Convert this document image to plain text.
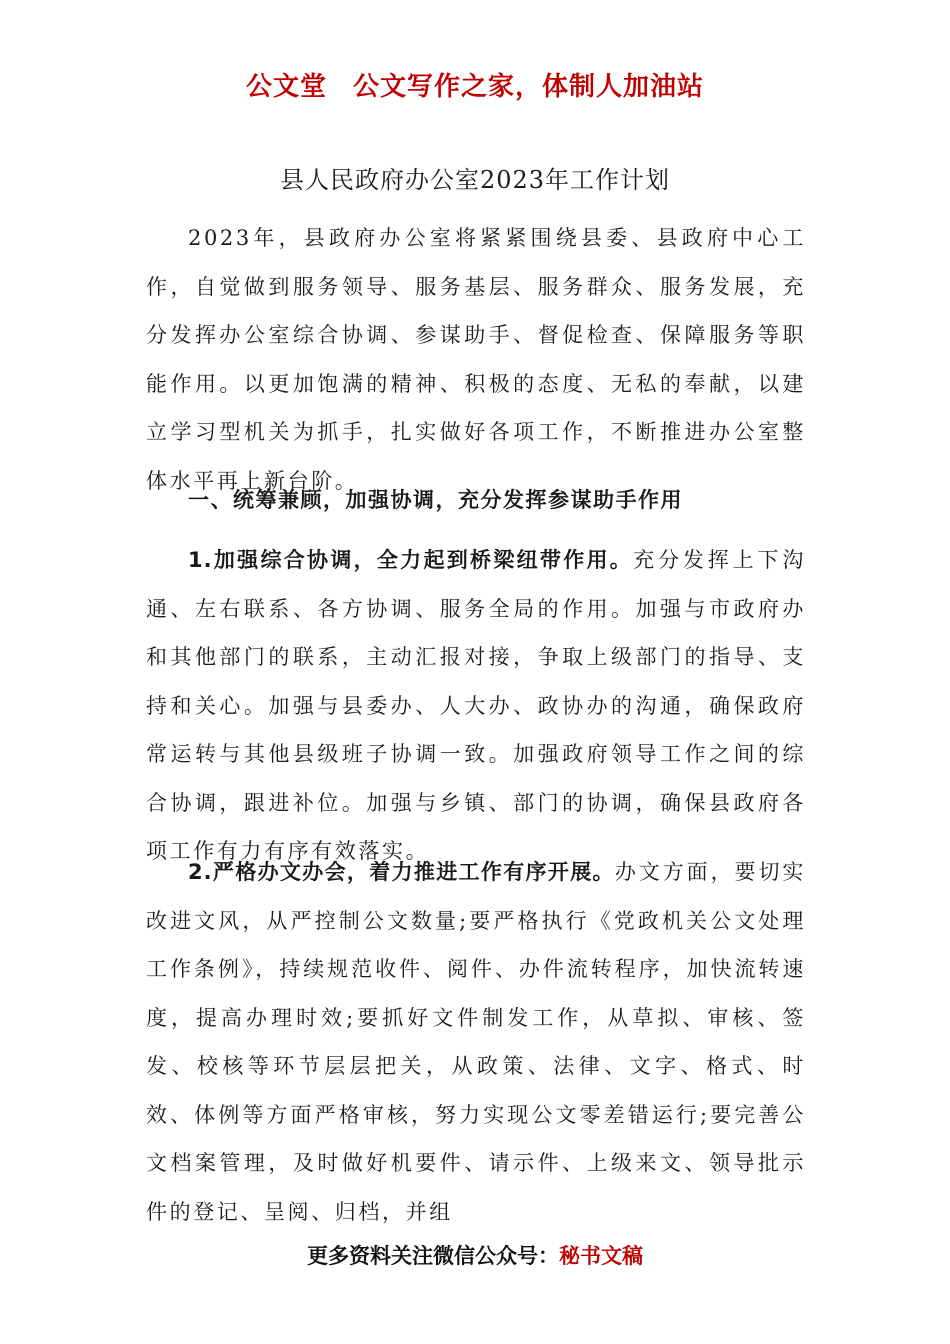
公文堂 公文写作之家，体制人加油站
县人民政府办公室2023年工作计划

2023年，县政府办公室将紧紧围绕县委、县政府中心工作，自觉做到服务领导、服务基层、服务群众、服务发展，充分发挥办公室综合协调、参谋助手、督促检查、保障服务等职能作用。以更加饱满的精神、积极的态度、无私的奉献，以建立学习型机关为抓手，扎实做好各项工作，不断推进办公室整体水平再上新台阶。

一、统筹兼顾，加强协调，充分发挥参谋助手作用

1.加强综合协调，全力起到桥梁纽带作用。充分发挥上下沟通、左右联系、各方协调、服务全局的作用。加强与市政府办和其他部门的联系，主动汇报对接，争取上级部门的指导、支持和关心。加强与县委办、人大办、政协办的沟通，确保政府常运转与其他县级班子协调一致。加强政府领导工作之间的综合协调，跟进补位。加强与乡镇、部门的协调，确保县政府各项工作有力有序有效落实。

2.严格办文办会，着力推进工作有序开展。办文方面，要切实改进文风，从严控制公文数量;要严格执行《党政机关公文处理工作条例》，持续规范收件、阅件、办件流转程序，加快流转速度，提高办理时效;要抓好文件制发工作，从草拟、审核、签发、校核等环节层层把关，从政策、法律、文字、格式、时效、体例等方面严格审核，努力实现公文零差错运行;要完善公文档案管理，及时做好机要件、请示件、上级来文、领导批示件的登记、呈阅、归档，并组

更多资料关注微信公众号：秘书文稿
